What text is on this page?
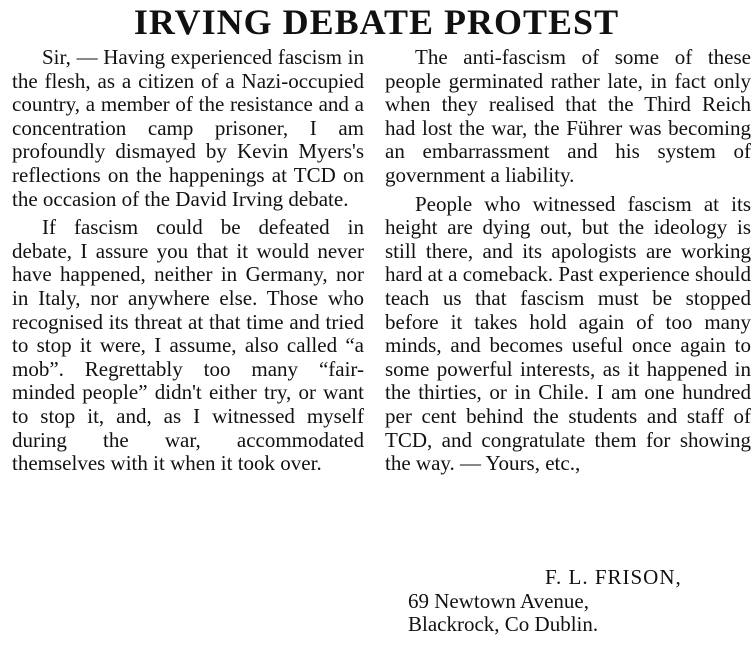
IRVING DEBATE PROTEST

Sir, — Having experienced fascism in the flesh, as a citizen of a Nazi-occupied country, a member of the resistance and a concentration camp prisoner, I am profoundly dismayed by Kevin Myers's reflections on the happenings at TCD on the occasion of the David Irving debate.

If fascism could be defeated in debate, I assure you that it would never have happened, neither in Germany, nor in Italy, nor anywhere else. Those who recognised its threat at that time and tried to stop it were, I assume, also called “a mob”. Regrettably too many “fair-minded people” didn't either try, or want to stop it, and, as I witnessed myself during the war, accommodated themselves with it when it took over.

The anti-fascism of some of these people germinated rather late, in fact only when they realised that the Third Reich had lost the war, the Führer was becoming an embarrassment and his system of government a liability.

People who witnessed fascism at its height are dying out, but the ideology is still there, and its apologists are working hard at a comeback. Past experience should teach us that fascism must be stopped before it takes hold again of too many minds, and becomes useful once again to some powerful interests, as it happened in the thirties, or in Chile. I am one hundred per cent behind the students and staff of TCD, and congratulate them for showing the way. — Yours, etc.,

F. L. FRISON,
69 Newtown Avenue,
Blackrock, Co Dublin.
